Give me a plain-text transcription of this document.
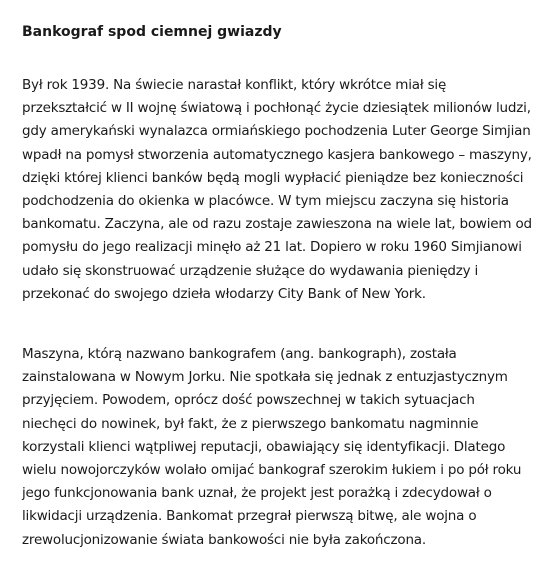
Bankograf spod ciemnej gwiazdy

Był rok 1939. Na świecie narastał konflikt, który wkrótce miał się przekształcić w II wojnę światową i pochłonąć życie dziesiątek milionów ludzi, gdy amerykański wynalazca ormiańskiego pochodzenia Luter George Simjian wpadł na pomysł stworzenia automatycznego kasjera bankowego – maszyny, dzięki której klienci banków będą mogli wypłacić pieniądze bez konieczności podchodzenia do okienka w placówce. W tym miejscu zaczyna się historia bankomatu. Zaczyna, ale od razu zostaje zawieszona na wiele lat, bowiem od pomysłu do jego realizacji minęło aż 21 lat. Dopiero w roku 1960 Simjianowi udało się skonstruować urządzenie służące do wydawania pieniędzy i przekonać do swojego dzieła włodarzy City Bank of New York.

Maszyna, którą nazwano bankografem (ang. bankograph), została zainstalowana w Nowym Jorku. Nie spotkała się jednak z entuzjastycznym przyjęciem. Powodem, oprócz dość powszechnej w takich sytuacjach niechęci do nowinek, był fakt, że z pierwszego bankomatu nagminnie korzystali klienci wątpliwej reputacji, obawiający się identyfikacji. Dlatego wielu nowojorczyków wolało omijać bankograf szerokim łukiem i po pół roku jego funkcjonowania bank uznał, że projekt jest porażką i zdecydował o likwidacji urządzenia. Bankomat przegrał pierwszą bitwę, ale wojna o zrewolucjonizowanie świata bankowości nie była zakończona.
